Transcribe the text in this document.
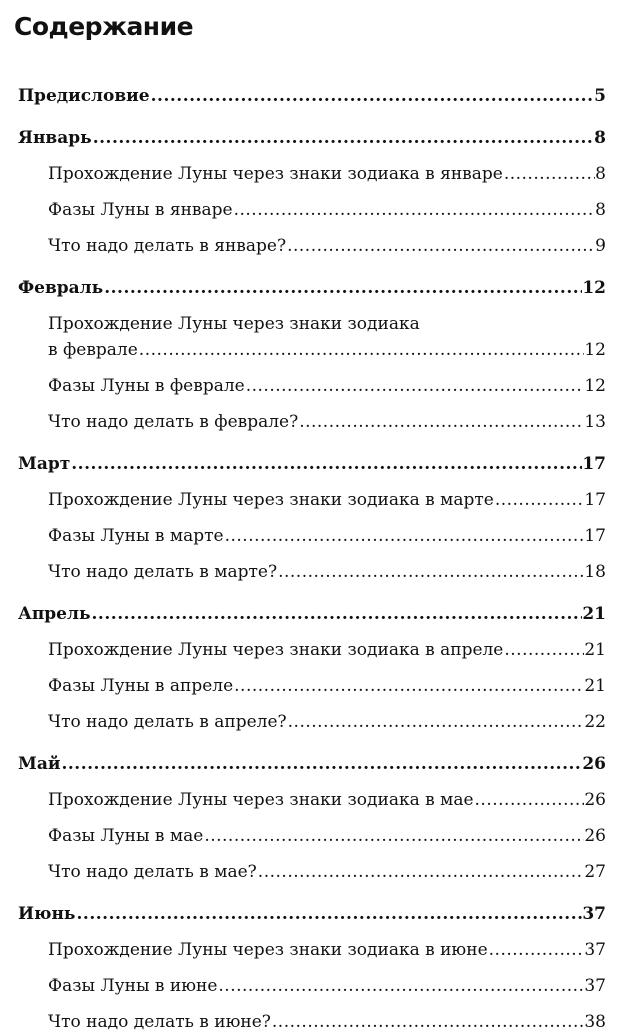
Содержание
Предисловие .....	5
Январь .....	8
Прохождение Луны через знаки зодиака в январе .....	8
Фазы Луны в январе .....	8
Что надо делать в январе? .....	9
Февраль .....	12
Прохождение Луны через знаки зодиака
в феврале .....	12
Фазы Луны в феврале .....	12
Что надо делать в феврале? .....	13
Март .....	17
Прохождение Луны через знаки зодиака в марте .....	17
Фазы Луны в марте .....	17
Что надо делать в марте? .....	18
Апрель .....	21
Прохождение Луны через знаки зодиака в апреле .....	21
Фазы Луны в апреле .....	21
Что надо делать в апреле? .....	22
Май .....	26
Прохождение Луны через знаки зодиака в мае .....	26
Фазы Луны в мае .....	26
Что надо делать в мае? .....	27
Июнь .....	37
Прохождение Луны через знаки зодиака в июне .....	37
Фазы Луны в июне .....	37
Что надо делать в июне? .....	38
